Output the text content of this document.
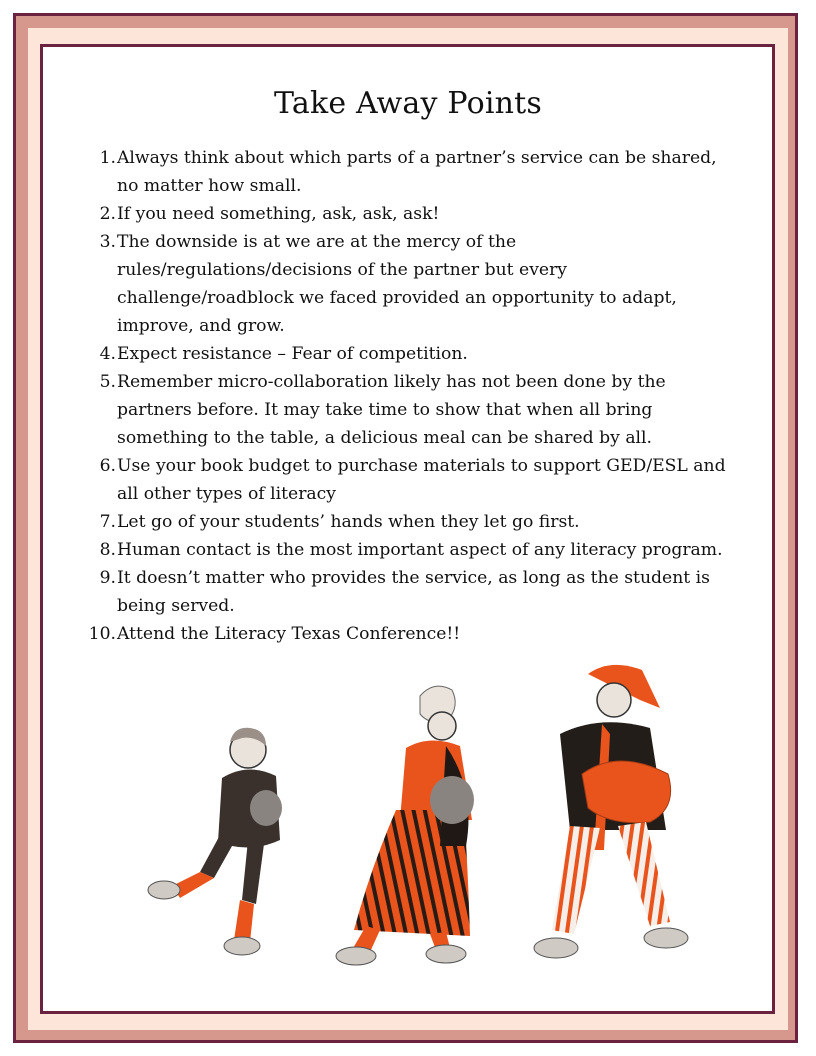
Take Away Points
1. Always think about which parts of a partner’s service can be shared, no matter how small.
2. If you need something, ask, ask, ask!
3. The downside is at we are at the mercy of the rules/regulations/decisions of the partner but every challenge/roadblock we faced provided an opportunity to adapt, improve, and grow.
4. Expect resistance – Fear of competition.
5. Remember micro-collaboration likely has not been done by the partners before. It may take time to show that when all bring something to the table, a delicious meal can be shared by all.
6. Use your book budget to purchase materials to support GED/ESL and all other types of literacy
7. Let go of your students’ hands when they let go first.
8. Human contact is the most important aspect of any literacy program.
9. It doesn’t matter who provides the service, as long as the student is being served.
10. Attend the Literacy Texas Conference!!
